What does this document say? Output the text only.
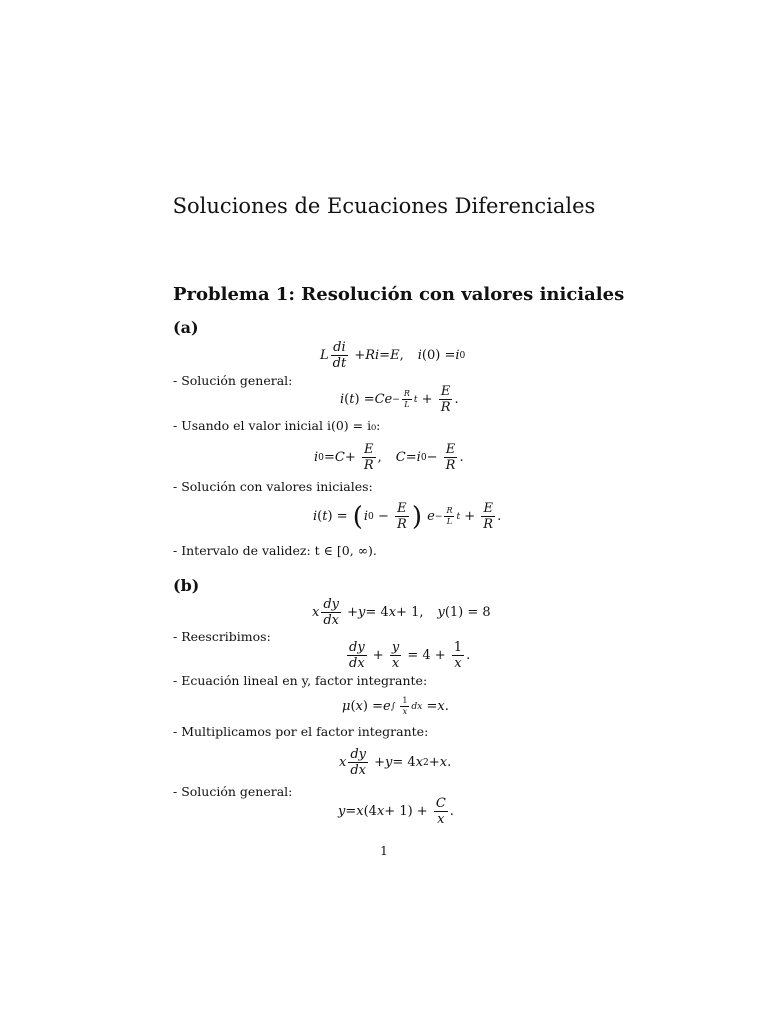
Soluciones de Ecuaciones Diferenciales
Problema 1: Resolución con valores iniciales
(a)
L $\frac{di}{dt} + Ri = E$ , i (0) = i 0
- Solución general:
i ( t ) = $Ce - \frac{R}{L}$ $t + \frac{E}{R}$ .
- Usando el valor inicial i(0) = i₀:
i $0 = C + \frac{E}{R}$ , C = i $0 - \frac{E}{R}$ .
- Solución con valores iniciales:
i ( t ) = ( i $0 - \frac{E}{R}$ )
$e - \frac{R}{L}$ $t + \frac{E}{R}$ .
- Intervalo de validez: t ∈ [0, ∞).
(b)
x $\frac{dy}{dx} + y = 4$ x + 1, y (1) = 8
- Reescribimos:
$\frac{dy}{dx} + \frac{y}{x} = 4 + \frac{1}{x}$ .
- Ecuación lineal en y, factor integrante:
μ ( x ) = e ∫ $\frac{1}{x}$ dx = x .
- Multiplicamos por el factor integrante:
x $\frac{dy}{dx} + y = 4$ x 2 + x .
- Solución general:
y = x (4 $x + 1) + \frac{C}{x}$ .
1
